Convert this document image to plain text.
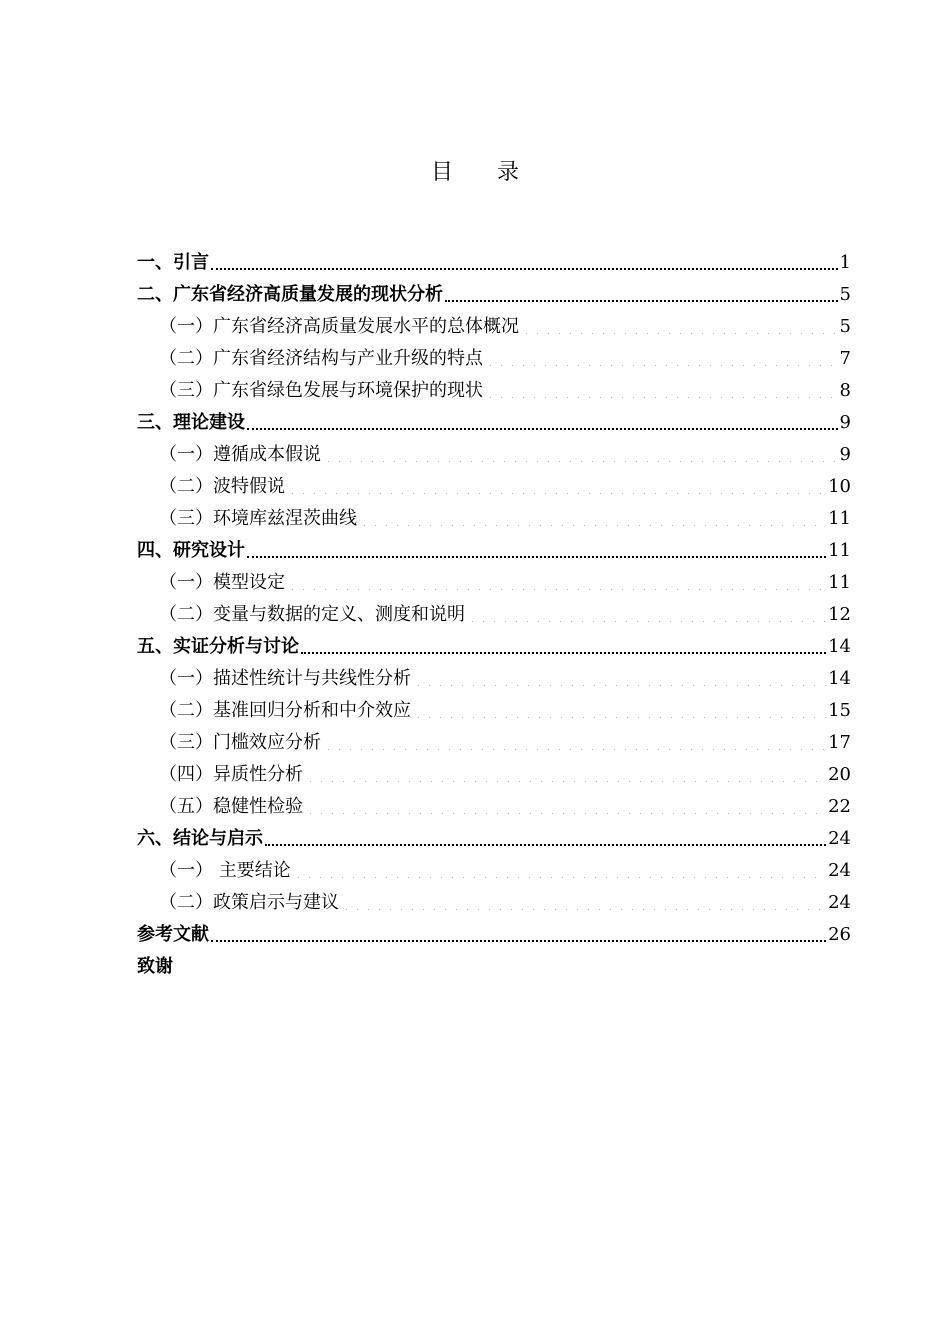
目 录
一、引言	1
二、广东省经济高质量发展的现状分析	5
（一）广东省经济高质量发展水平的总体概况	5
（二）广东省经济结构与产业升级的特点	7
（三）广东省绿色发展与环境保护的现状	8
三、理论建设	9
（一）遵循成本假说	9
（二）波特假说	10
（三）环境库兹涅茨曲线	11
四、研究设计	11
（一）模型设定	11
（二）变量与数据的定义、测度和说明	12
五、实证分析与讨论	14
（一）描述性统计与共线性分析	14
（二）基准回归分析和中介效应	15
（三）门槛效应分析	17
（四）异质性分析	20
（五）稳健性检验	22
六、结论与启示	24
（一） 主要结论	24
（二）政策启示与建议	24
参考文献	26
致谢
